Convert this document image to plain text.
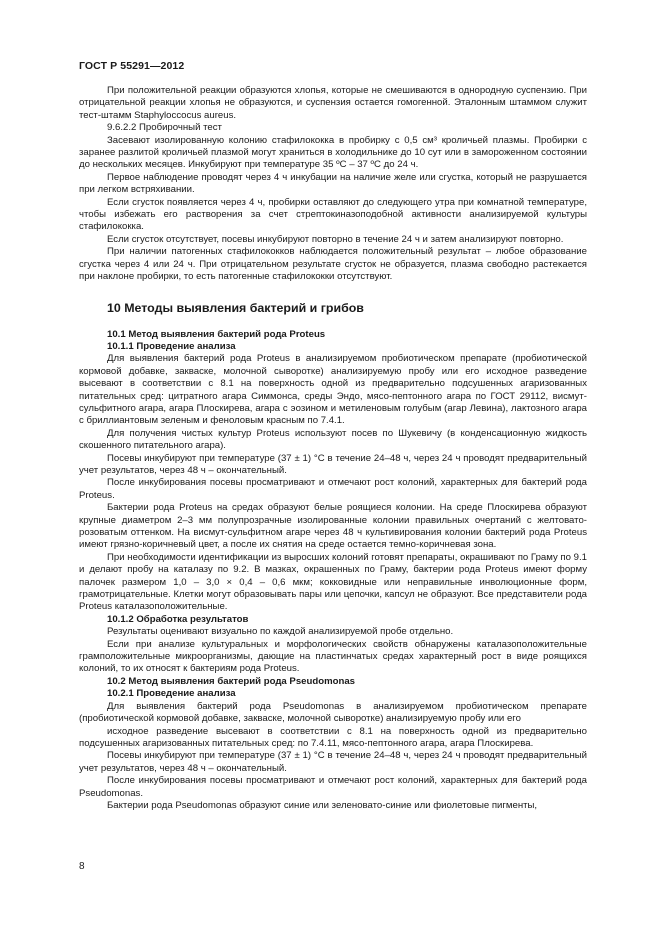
ГОСТ Р 55291—2012

При положительной реакции образуются хлопья, которые не смешиваются в однородную суспензию. При отрицательной реакции хлопья не образуются, и суспензия остается гомогенной. Эталонным штаммом служит тест-штамм Staphyloccocus aureus.

9.6.2.2 Пробирочный тест

Засевают изолированную колонию стафилококка в пробирку с 0,5 см³ кроличьей плазмы. Пробирки с заранее разлитой кроличьей плазмой могут храниться в холодильнике до 10 сут или в замороженном состоянии до нескольких месяцев. Инкубируют при температуре 35 ºС – 37 ºС до 24 ч.

Первое наблюдение проводят через 4 ч инкубации на наличие желе или сгустка, который не разрушается при легком встряхивании.

Если сгусток появляется через 4 ч, пробирки оставляют до следующего утра при комнатной температуре, чтобы избежать его растворения за счет стрептокиназоподобной активности анализируемой культуры стафилококка.

Если сгусток отсутствует, посевы инкубируют повторно в течение 24 ч и затем анализируют повторно.

При наличии патогенных стафилококков наблюдается положительный результат – любое образование сгустка через 4 или 24 ч. При отрицательном результате сгусток не образуется, плазма свободно растекается при наклоне пробирки, то есть патогенные стафилококки отсутствуют.

10 Методы выявления бактерий и грибов
10.1 Метод выявления бактерий рода Proteus
10.1.1 Проведение анализа

Для выявления бактерий рода Proteus в анализируемом пробиотическом препарате (пробиотической кормовой добавке, закваске, молочной сыворотке) анализируемую пробу или его исходное разведение высевают в соответствии с 8.1 на поверхность одной из предварительно подсушенных агаризованных питательных сред: цитратного агара Симмонса, среды Эндо, мясо-пептонного агара по ГОСТ 29112, висмут-сульфитного агара, агара Плоскирева, агара с эозином и метиленовым голубым (агар Левина), лактозного агара с бриллиантовым зеленым и феноловым красным по 7.4.1.

Для получения чистых культур Proteus используют посев по Шукевичу (в конденсационную жидкость скошенного питательного агара).

Посевы инкубируют при температуре (37 ± 1) °С в течение 24–48 ч, через 24 ч проводят предварительный учет результатов, через 48 ч – окончательный.

После инкубирования посевы просматривают и отмечают рост колоний, характерных для бактерий рода Proteus.

Бактерии рода Proteus на средах образуют белые роящиеся колонии. На среде Плоскирева образуют крупные диаметром 2–3 мм полупрозрачные изолированные колонии правильных очертаний с желтовато-розоватым оттенком. На висмут-сульфитном агаре через 48 ч культивирования колонии бактерий рода Proteus имеют грязно-коричневый цвет, а после их снятия на среде остается темно-коричневая зона.

При необходимости идентификации из выросших колоний готовят препараты, окрашивают по Граму по 9.1 и делают пробу на каталазу по 9.2. В мазках, окрашенных по Граму, бактерии рода Proteus имеют форму палочек размером 1,0 – 3,0 × 0,4 – 0,6 мкм; кокковидные или неправильные инволюционные форм, грамотрицательные. Клетки могут образовывать пары или цепочки, капсул не образуют. Все представители рода Proteus каталазоположительные.

10.1.2 Обработка результатов

Результаты оценивают визуально по каждой анализируемой пробе отдельно.

Если при анализе культуральных и морфологических свойств обнаружены каталазоположительные грамположительные микроорганизмы, дающие на пластинчатых средах характерный рост в виде роящихся колоний, то их относят к бактериям рода Proteus.

10.2 Метод выявления бактерий рода Pseudomonas
10.2.1 Проведение анализа

Для выявления бактерий рода Pseudomonas в анализируемом пробиотическом препарате (пробиотической кормовой добавке, закваске, молочной сыворотке) анализируемую пробу или его

исходное разведение высевают в соответствии с 8.1 на поверхность одной из предварительно подсушенных агаризованных питательных сред: по 7.4.11, мясо-пептонного агара, агара Плоскирева.

Посевы инкубируют при температуре (37 ± 1) °С в течение 24–48 ч, через 24 ч проводят предварительный учет результатов, через 48 ч – окончательный.

После инкубирования посевы просматривают и отмечают рост колоний, характерных для бактерий рода Pseudomonas.

Бактерии рода Pseudomonas образуют синие или зеленовато-синие или фиолетовые пигменты,

8
